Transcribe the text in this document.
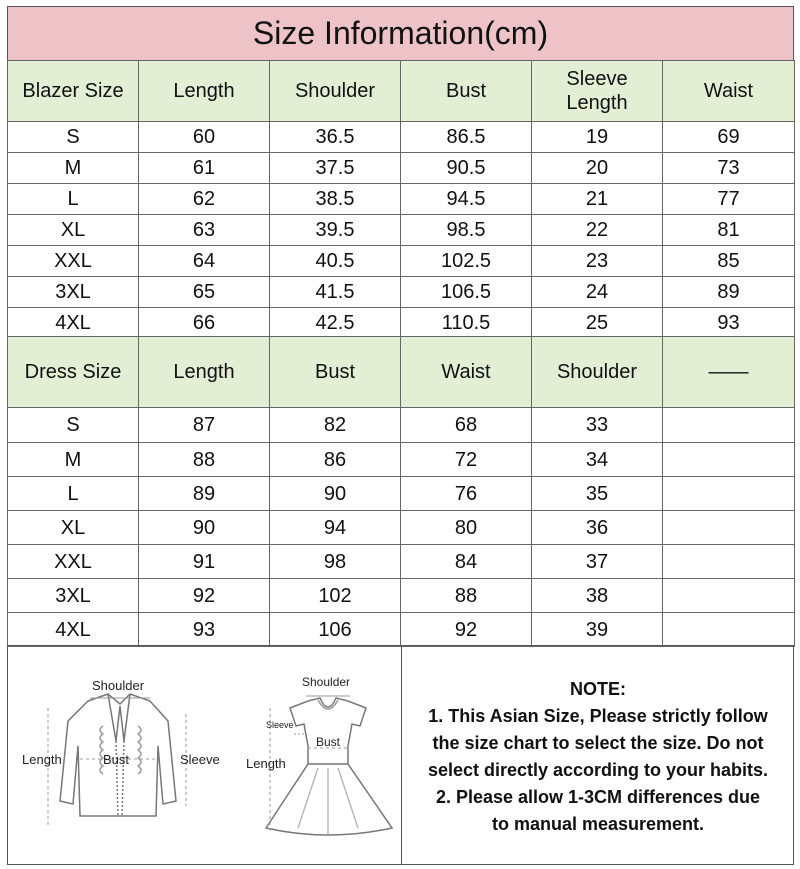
Size Information(cm)
Blazer Size	Length	Shoulder	Bust	Sleeve Length	Waist
S	60	36.5	86.5	19	69
M	61	37.5	90.5	20	73
L	62	38.5	94.5	21	77
XL	63	39.5	98.5	22	81
XXL	64	40.5	102.5	23	85
3XL	65	41.5	106.5	24	89
4XL	66	42.5	110.5	25	93
Dress Size	Length	Bust	Waist	Shoulder	——
S	87	82	68	33	
M	88	86	72	34	
L	89	90	76	35	
XL	90	94	80	36	
XXL	91	98	84	37	
3XL	92	102	88	38	
4XL	93	106	92	39	
Shoulder
Length	Bust	Sleeve
Shoulder
Sleeve
Bust
Length
NOTE:
1. This Asian Size, Please strictly follow
the size chart to select the size. Do not
select directly according to your habits.
2. Please allow 1-3CM differences due
to manual measurement.
